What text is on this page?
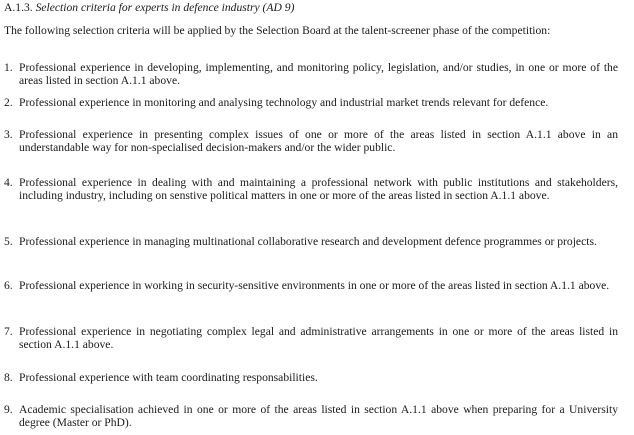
A.1.3. Selection criteria for experts in defence industry (AD 9)
The following selection criteria will be applied by the Selection Board at the talent-screener phase of the competition:
1. Professional experience in developing, implementing, and monitoring policy, legislation, and/or studies, in one or more of the areas listed in section A.1.1 above.
2. Professional experience in monitoring and analysing technology and industrial market trends relevant for defence.
3. Professional experience in presenting complex issues of one or more of the areas listed in section A.1.1 above in an understandable way for non-specialised decision-makers and/or the wider public.
4. Professional experience in dealing with and maintaining a professional network with public institutions and stakeholders, including industry, including on senstive political matters in one or more of the areas listed in section A.1.1 above.
5. Professional experience in managing multinational collaborative research and development defence programmes or projects.
6. Professional experience in working in security-sensitive environments in one or more of the areas listed in section A.1.1 above.
7. Professional experience in negotiating complex legal and administrative arrangements in one or more of the areas listed in section A.1.1 above.
8. Professional experience with team coordinating responsabilities.
9. Academic specialisation achieved in one or more of the areas listed in section A.1.1 above when preparing for a University degree (Master or PhD).
